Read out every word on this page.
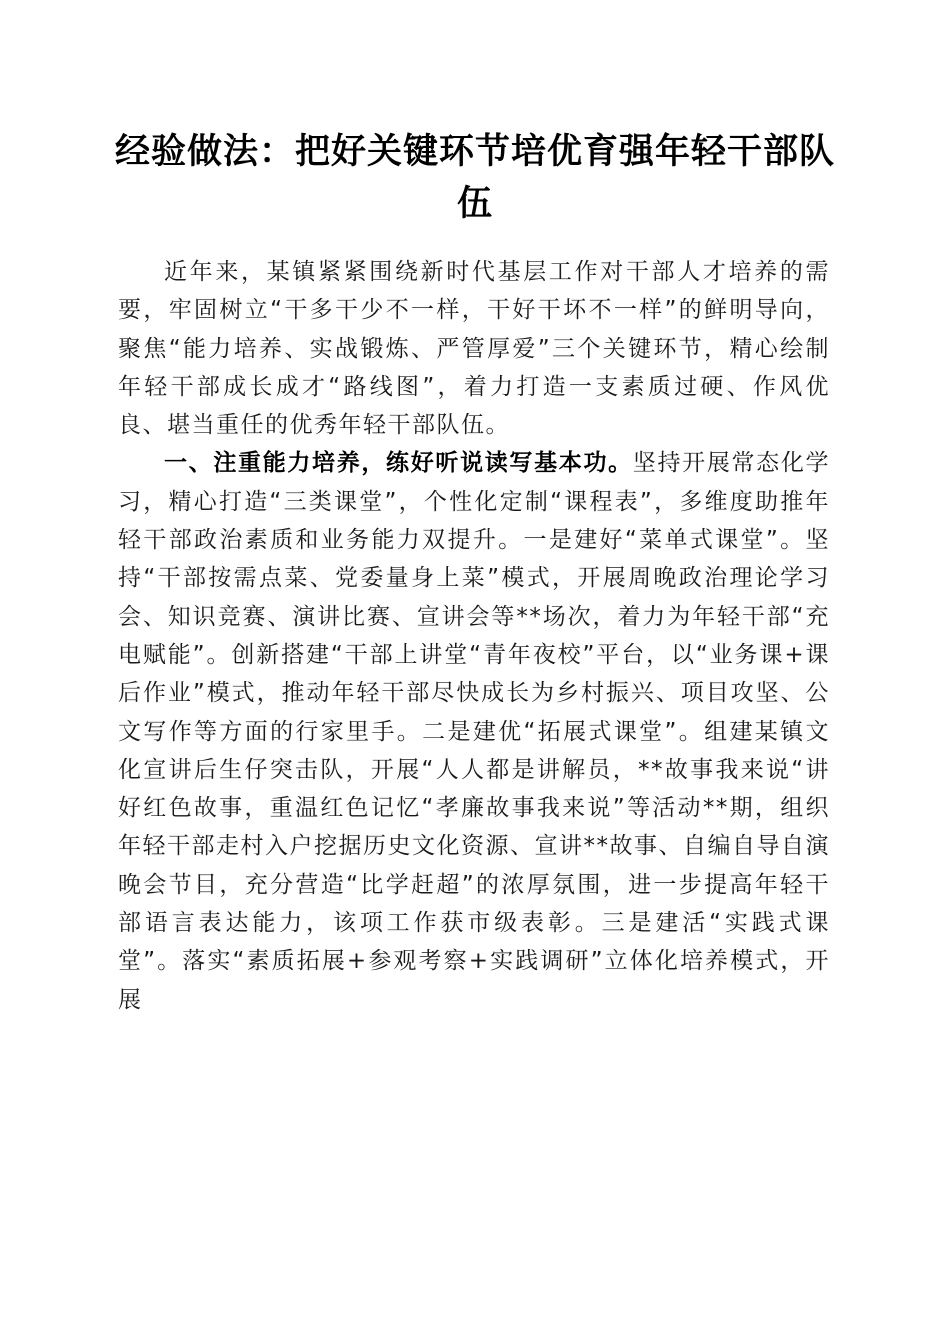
经验做法：把好关键环节培优育强年轻干部队伍

近年来，某镇紧紧围绕新时代基层工作对干部人才培养的需要，牢固树立“干多干少不一样，干好干坏不一样”的鲜明导向，聚焦“能力培养、实战锻炼、严管厚爱”三个关键环节，精心绘制年轻干部成长成才“路线图”，着力打造一支素质过硬、作风优良、堪当重任的优秀年轻干部队伍。

一、注重能力培养，练好听说读写基本功。坚持开展常态化学习，精心打造“三类课堂”，个性化定制“课程表”，多维度助推年轻干部政治素质和业务能力双提升。一是建好“菜单式课堂”。坚持“干部按需点菜、党委量身上菜”模式，开展周晚政治理论学习会、知识竞赛、演讲比赛、宣讲会等**场次，着力为年轻干部“充电赋能”。创新搭建“干部上讲堂“青年夜校”平台，以“业务课+课后作业”模式，推动年轻干部尽快成长为乡村振兴、项目攻坚、公文写作等方面的行家里手。二是建优“拓展式课堂”。组建某镇文化宣讲后生仔突击队，开展“人人都是讲解员，**故事我来说“讲好红色故事，重温红色记忆“孝廉故事我来说”等活动**期，组织年轻干部走村入户挖据历史文化资源、宣讲**故事、自编自导自演晚会节目，充分营造“比学赶超”的浓厚氛围，进一步提高年轻干部语言表达能力，该项工作获市级表彰。三是建活“实践式课堂”。落实“素质拓展+参观考察+实践调研”立体化培养模式，开展
